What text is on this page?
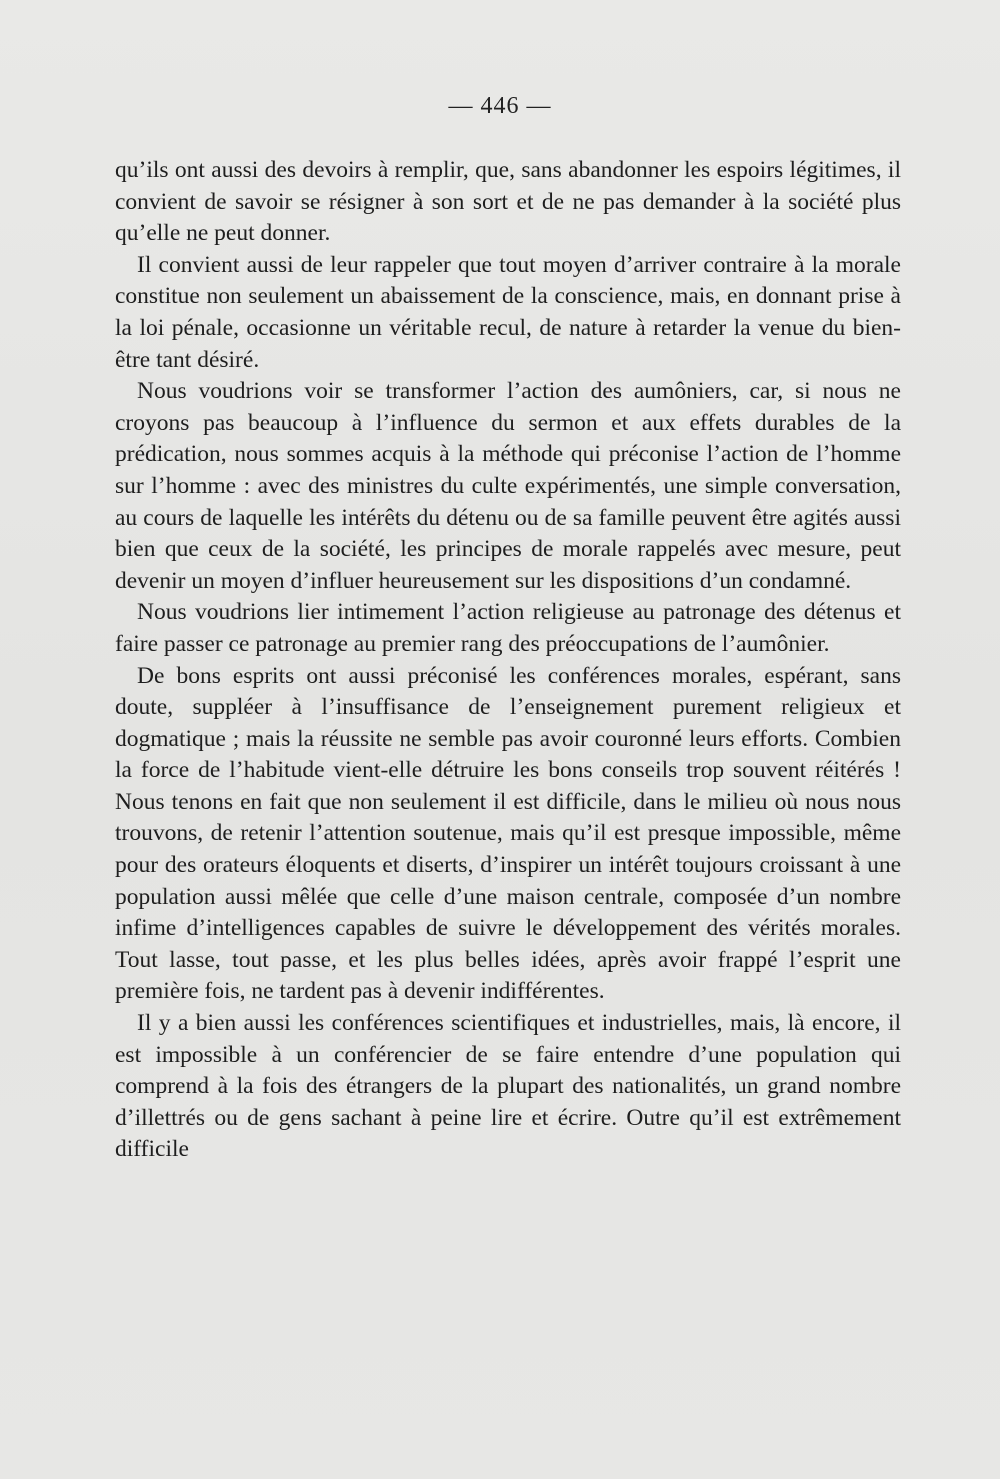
— 446 —

qu’ils ont aussi des devoirs à remplir, que, sans abandonner les espoirs légitimes, il convient de savoir se résigner à son sort et de ne pas demander à la société plus qu’elle ne peut donner.

Il convient aussi de leur rappeler que tout moyen d’arriver contraire à la morale constitue non seulement un abaissement de la conscience, mais, en donnant prise à la loi pénale, occasionne un véritable recul, de nature à retarder la venue du bien-être tant désiré.

Nous voudrions voir se transformer l’action des aumôniers, car, si nous ne croyons pas beaucoup à l’influence du sermon et aux effets durables de la prédication, nous sommes acquis à la méthode qui préconise l’action de l’homme sur l’homme : avec des ministres du culte expérimentés, une simple conversation, au cours de laquelle les intérêts du détenu ou de sa famille peuvent être agités aussi bien que ceux de la société, les principes de morale rappelés avec mesure, peut devenir un moyen d’influer heureusement sur les dispositions d’un condamné.

Nous voudrions lier intimement l’action religieuse au patronage des détenus et faire passer ce patronage au premier rang des préoccupations de l’aumônier.

De bons esprits ont aussi préconisé les conférences morales, espérant, sans doute, suppléer à l’insuffisance de l’enseignement purement religieux et dogmatique ; mais la réussite ne semble pas avoir couronné leurs efforts. Combien la force de l’habitude vient-elle détruire les bons conseils trop souvent réitérés ! Nous tenons en fait que non seulement il est difficile, dans le milieu où nous nous trouvons, de retenir l’attention soutenue, mais qu’il est presque impossible, même pour des orateurs éloquents et diserts, d’inspirer un intérêt toujours croissant à une population aussi mêlée que celle d’une maison centrale, composée d’un nombre infime d’intelligences capables de suivre le développement des vérités morales. Tout lasse, tout passe, et les plus belles idées, après avoir frappé l’esprit une première fois, ne tardent pas à devenir indifférentes.

Il y a bien aussi les conférences scientifiques et industrielles, mais, là encore, il est impossible à un conférencier de se faire entendre d’une population qui comprend à la fois des étrangers de la plupart des nationalités, un grand nombre d’illettrés ou de gens sachant à peine lire et écrire. Outre qu’il est extrêmement difficile
